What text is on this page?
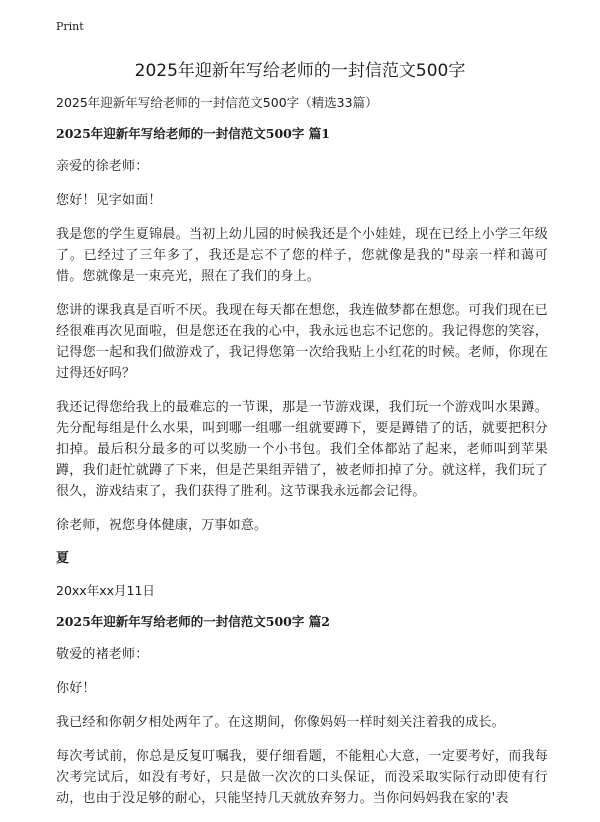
Print
2025年迎新年写给老师的一封信范文500字

2025年迎新年写给老师的一封信范文500字（精选33篇）

2025年迎新年写给老师的一封信范文500字 篇1

亲爱的徐老师：

您好！见字如面！

我是您的学生夏锦晨。当初上幼儿园的时候我还是个小娃娃，现在已经上小学三年级了。已经过了三年多了，我还是忘不了您的样子，您就像是我的"母亲一样和蔼可惜。您就像是一束亮光，照在了我们的身上。

您讲的课我真是百听不厌。我现在每天都在想您，我连做梦都在想您。可我们现在已经很难再次见面啦，但是您还在我的心中，我永远也忘不记您的。我记得您的笑容，记得您一起和我们做游戏了，我记得您第一次给我贴上小红花的时候。老师，你现在过得还好吗？

我还记得您给我上的最难忘的一节课，那是一节游戏课，我们玩一个游戏叫水果蹲。先分配每组是什么水果，叫到哪一组哪一组就要蹲下，要是蹲错了的话，就要把积分扣掉。最后积分最多的可以奖励一个小书包。我们全体都站了起来，老师叫到苹果蹲，我们赶忙就蹲了下来，但是芒果组弄错了，被老师扣掉了分。就这样，我们玩了很久，游戏结束了，我们获得了胜利。这节课我永远都会记得。

徐老师，祝您身体健康，万事如意。

夏

20xx年xx月11日

2025年迎新年写给老师的一封信范文500字 篇2

敬爱的褚老师：

你好！

我已经和你朝夕相处两年了。在这期间，你像妈妈一样时刻关注着我的成长。

每次考试前，你总是反复叮嘱我，要仔细看题，不能粗心大意，一定要考好，而我每次考完试后，如没有考好，只是做一次次的口头保证，而没采取实际行动即使有行动，也由于没足够的耐心，只能坚持几天就放弃努力。当你问妈妈我在家的'表
